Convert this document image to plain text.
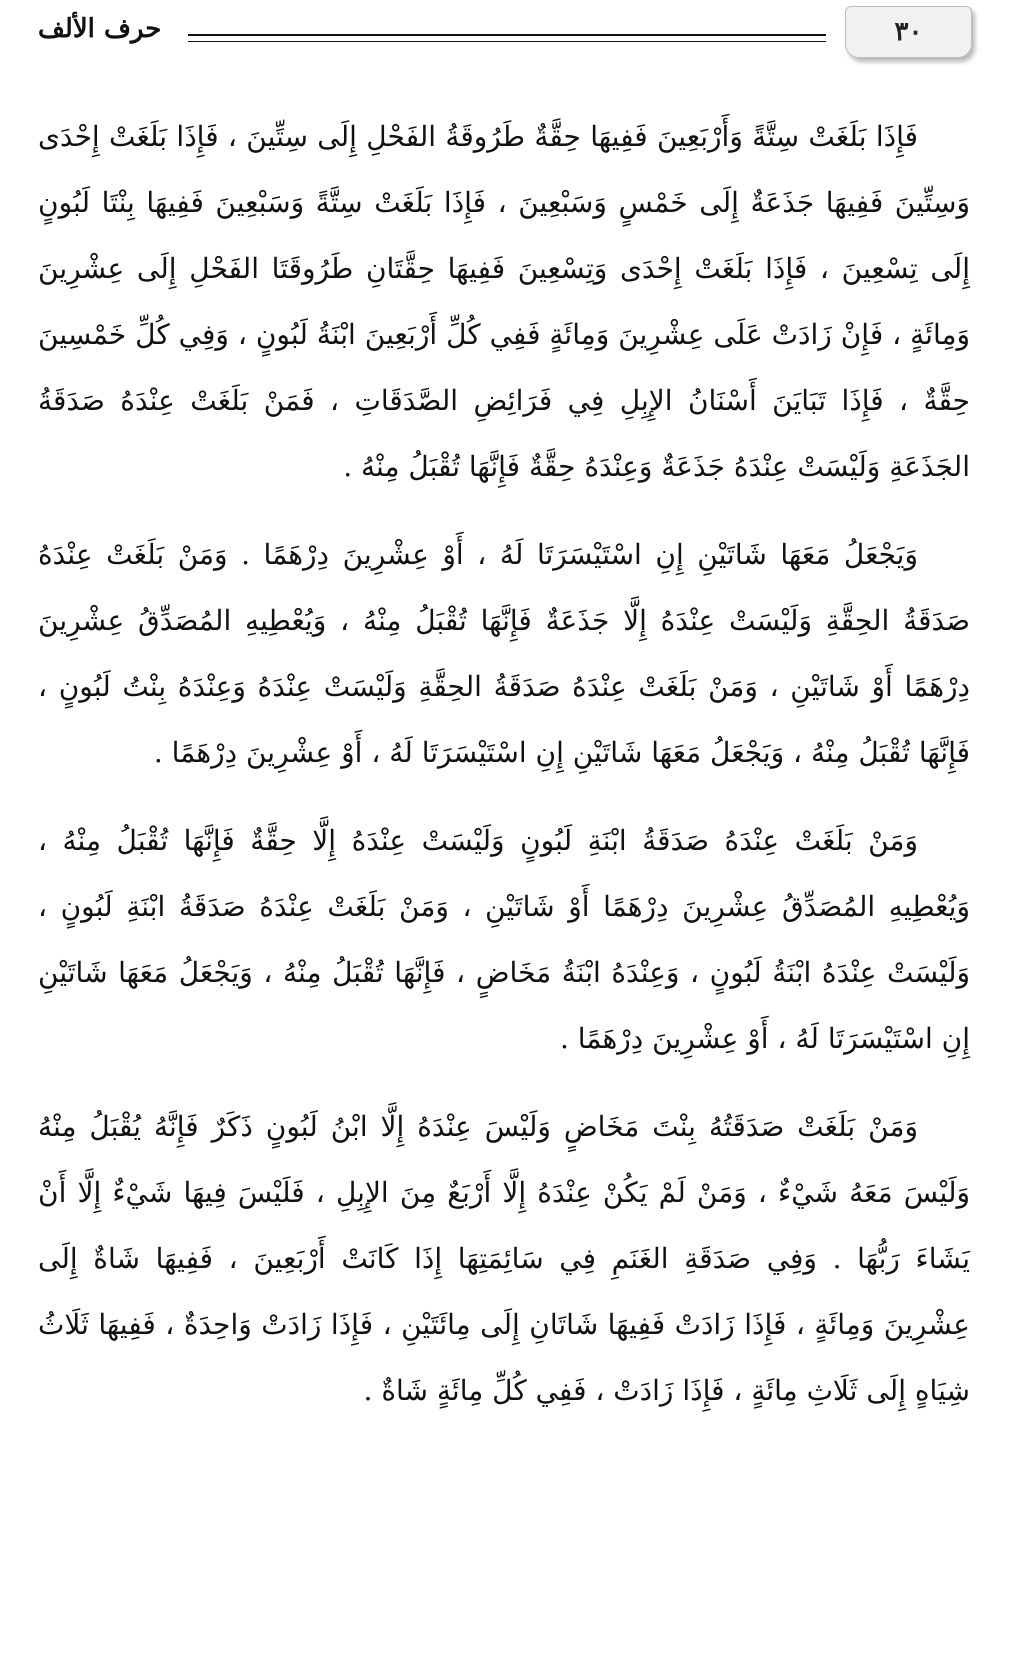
٣٠
حرف الألف

فَإِذَا بَلَغَتْ سِتَّةً وَأَرْبَعِينَ فَفِيهَا حِقَّةٌ طَرُوقَةُ الفَحْلِ إِلَى سِتِّينَ ، فَإِذَا بَلَغَتْ إِحْدَى وَسِتِّينَ فَفِيهَا جَذَعَةٌ إِلَى خَمْسٍ وَسَبْعِينَ ، فَإِذَا بَلَغَتْ سِتَّةً وَسَبْعِينَ فَفِيهَا بِنْتَا لَبُونٍ إِلَى تِسْعِينَ ، فَإِذَا بَلَغَتْ إِحْدَى وَتِسْعِينَ فَفِيهَا حِقَّتَانِ طَرُوقَتَا الفَحْلِ إِلَى عِشْرِينَ وَمِائَةٍ ، فَإِنْ زَادَتْ عَلَى عِشْرِينَ وَمِائَةٍ فَفِي كُلِّ أَرْبَعِينَ ابْنَةُ لَبُونٍ ، وَفِي كُلِّ خَمْسِينَ حِقَّةٌ ، فَإِذَا تَبَايَنَ أَسْنَانُ الإِبِلِ فِي فَرَائِضِ الصَّدَقَاتِ ، فَمَنْ بَلَغَتْ عِنْدَهُ صَدَقَةُ الجَذَعَةِ وَلَيْسَتْ عِنْدَهُ جَذَعَةٌ وَعِنْدَهُ حِقَّةٌ فَإِنَّهَا تُقْبَلُ مِنْهُ .

وَيَجْعَلُ مَعَهَا شَاتَيْنِ إِنِ اسْتَيْسَرَتَا لَهُ ، أَوْ عِشْرِينَ دِرْهَمًا . وَمَنْ بَلَغَتْ عِنْدَهُ صَدَقَةُ الحِقَّةِ وَلَيْسَتْ عِنْدَهُ إِلَّا جَذَعَةٌ فَإِنَّهَا تُقْبَلُ مِنْهُ ، وَيُعْطِيهِ المُصَدِّقُ عِشْرِينَ دِرْهَمًا أَوْ شَاتَيْنِ ، وَمَنْ بَلَغَتْ عِنْدَهُ صَدَقَةُ الحِقَّةِ وَلَيْسَتْ عِنْدَهُ وَعِنْدَهُ بِنْتُ لَبُونٍ ، فَإِنَّهَا تُقْبَلُ مِنْهُ ، وَيَجْعَلُ مَعَهَا شَاتَيْنِ إِنِ اسْتَيْسَرَتَا لَهُ ، أَوْ عِشْرِينَ دِرْهَمًا .

وَمَنْ بَلَغَتْ عِنْدَهُ صَدَقَةُ ابْنَةِ لَبُونٍ وَلَيْسَتْ عِنْدَهُ إِلَّا حِقَّةٌ فَإِنَّهَا تُقْبَلُ مِنْهُ ، وَيُعْطِيهِ المُصَدِّقُ عِشْرِينَ دِرْهَمًا أَوْ شَاتَيْنِ ، وَمَنْ بَلَغَتْ عِنْدَهُ صَدَقَةُ ابْنَةِ لَبُونٍ ، وَلَيْسَتْ عِنْدَهُ ابْنَةُ لَبُونٍ ، وَعِنْدَهُ ابْنَةُ مَخَاضٍ ، فَإِنَّهَا تُقْبَلُ مِنْهُ ، وَيَجْعَلُ مَعَهَا شَاتَيْنِ إِنِ اسْتَيْسَرَتَا لَهُ ، أَوْ عِشْرِينَ دِرْهَمًا .

وَمَنْ بَلَغَتْ صَدَقَتُهُ بِنْتَ مَخَاضٍ وَلَيْسَ عِنْدَهُ إِلَّا ابْنُ لَبُونٍ ذَكَرٌ فَإِنَّهُ يُقْبَلُ مِنْهُ وَلَيْسَ مَعَهُ شَيْءٌ ، وَمَنْ لَمْ يَكُنْ عِنْدَهُ إِلَّا أَرْبَعٌ مِنَ الإِبِلِ ، فَلَيْسَ فِيهَا شَيْءٌ إِلَّا أَنْ يَشَاءَ رَبُّهَا . وَفِي صَدَقَةِ الغَنَمِ فِي سَائِمَتِهَا إِذَا كَانَتْ أَرْبَعِينَ ، فَفِيهَا شَاةٌ إِلَى عِشْرِينَ وَمِائَةٍ ، فَإِذَا زَادَتْ فَفِيهَا شَاتَانِ إِلَى مِائَتَيْنِ ، فَإِذَا زَادَتْ وَاحِدَةٌ ، فَفِيهَا ثَلَاثُ شِيَاهٍ إِلَى ثَلَاثِ مِائَةٍ ، فَإِذَا زَادَتْ ، فَفِي كُلِّ مِائَةٍ شَاةٌ .
